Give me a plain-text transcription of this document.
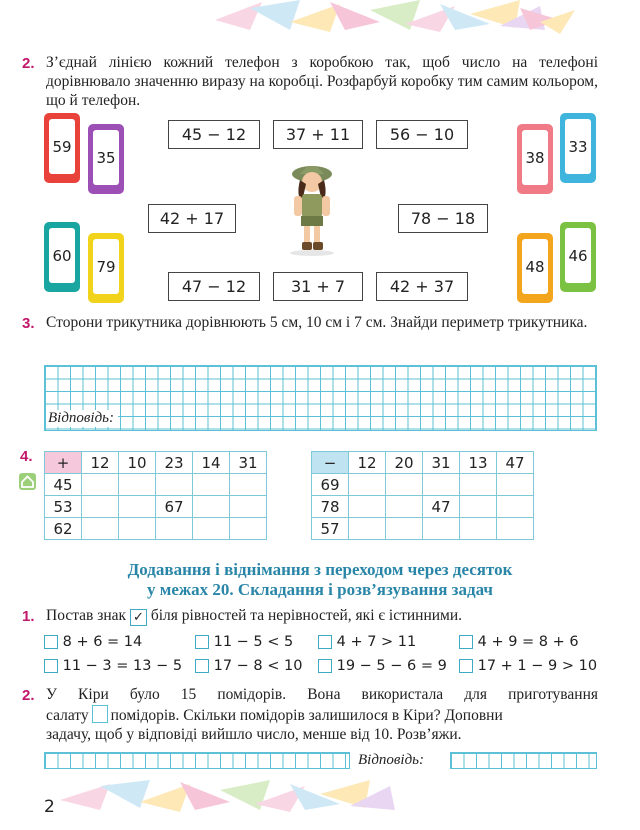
2. З’єднай лінією кожний телефон з коробкою так, щоб число на телефоні дорівнювало значенню виразу на коробці. Розфарбуй коробку тим самим кольором, що й телефон.
45 − 12	37 + 11	56 − 10
42 + 17	78 − 18
47 − 12	31 + 7	42 + 37
59
35
60
79
38
33
48
46
3. Сторони трикутника дорівнюють 5 см, 10 см і 7 см. Знайди периметр трикутника.
Відповідь:
4. +	12	10	23	14	31
45					
53			67		
62					
−	12	20	31	13	47
69					
78			47		
57					
Додавання і віднімання з переходом через десяток
у межах 20. Складання і розв’язування задач
1. Постав знак ✓ біля рівностей та нерівностей, які є істинними.
8 + 6 = 14	11 − 5 < 5	4 + 7 > 11	4 + 9 = 8 + 6
11 − 3 = 13 − 5	17 − 8 < 10	19 − 5 − 6 = 9	17 + 1 − 9 > 10
2. У Кіри було 15 помідорів. Вона використала для приготування
салату помідорів. Скільки помідорів залишилося в Кіри? Доповни
задачу, щоб у відповіді вийшло число, менше від 10. Розв’яжи.
Відповідь:
2
